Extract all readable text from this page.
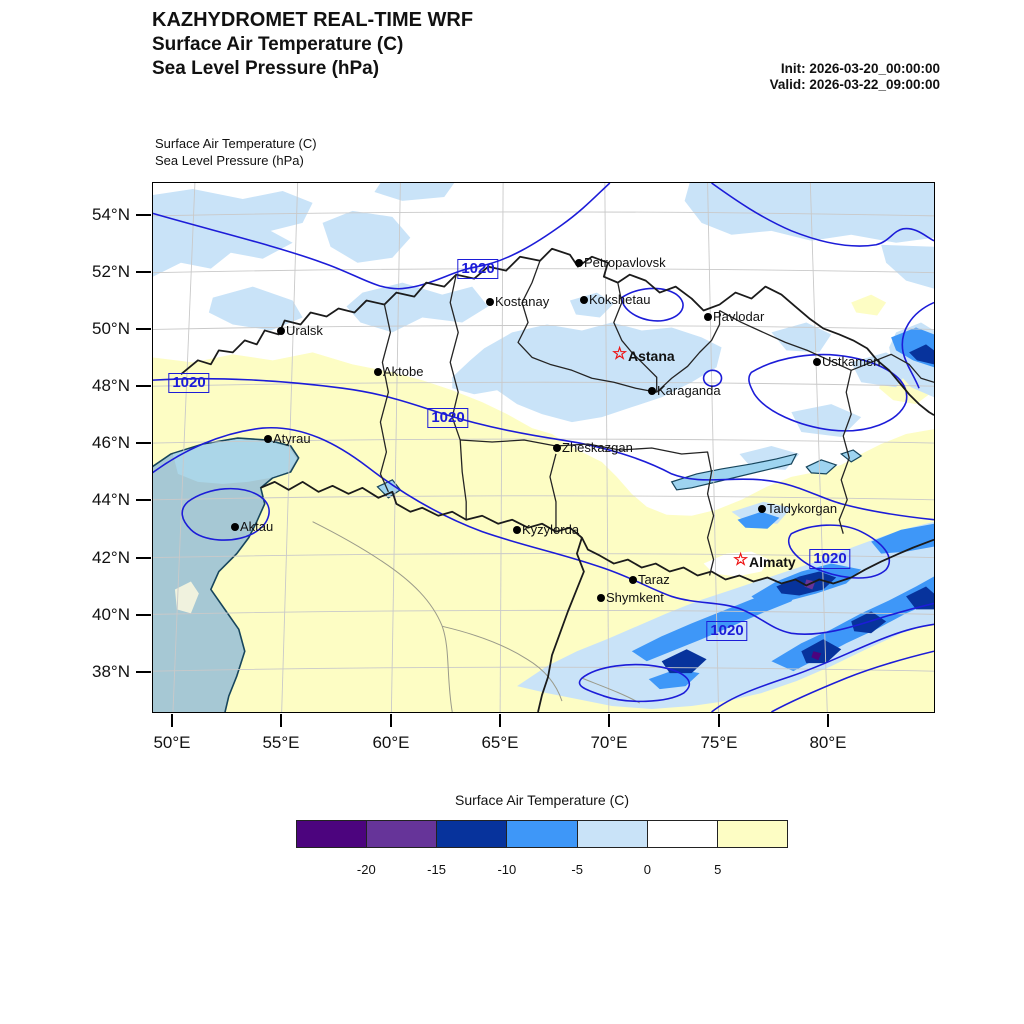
KAZHYDROMET REAL-TIME WRF
Surface Air Temperature (C)
Sea Level Pressure (hPa)	Init: 2026-03-20_00:00:00
Valid: 2026-03-22_09:00:00
Surface Air Temperature (C)
Sea Level Pressure (hPa)
Petropavlovsk
Kostanay	Kokshetau
Pavlodar
☆ Astana
Uralsk
Aktobe
Ustkamen
Karaganda
Atyrau
Zheskazgan
Aktau	Kyzylorda
Taldykorgan
☆ Almaty
Taraz
Shymkent
1020
1020
1020
1020
1020
54°N
52°N
50°N
48°N
46°N
44°N
42°N
40°N
38°N
50°E	55°E	60°E	65°E	70°E	75°E	80°E
Surface Air Temperature (C)
-20	-15	-10	-5	0	5
